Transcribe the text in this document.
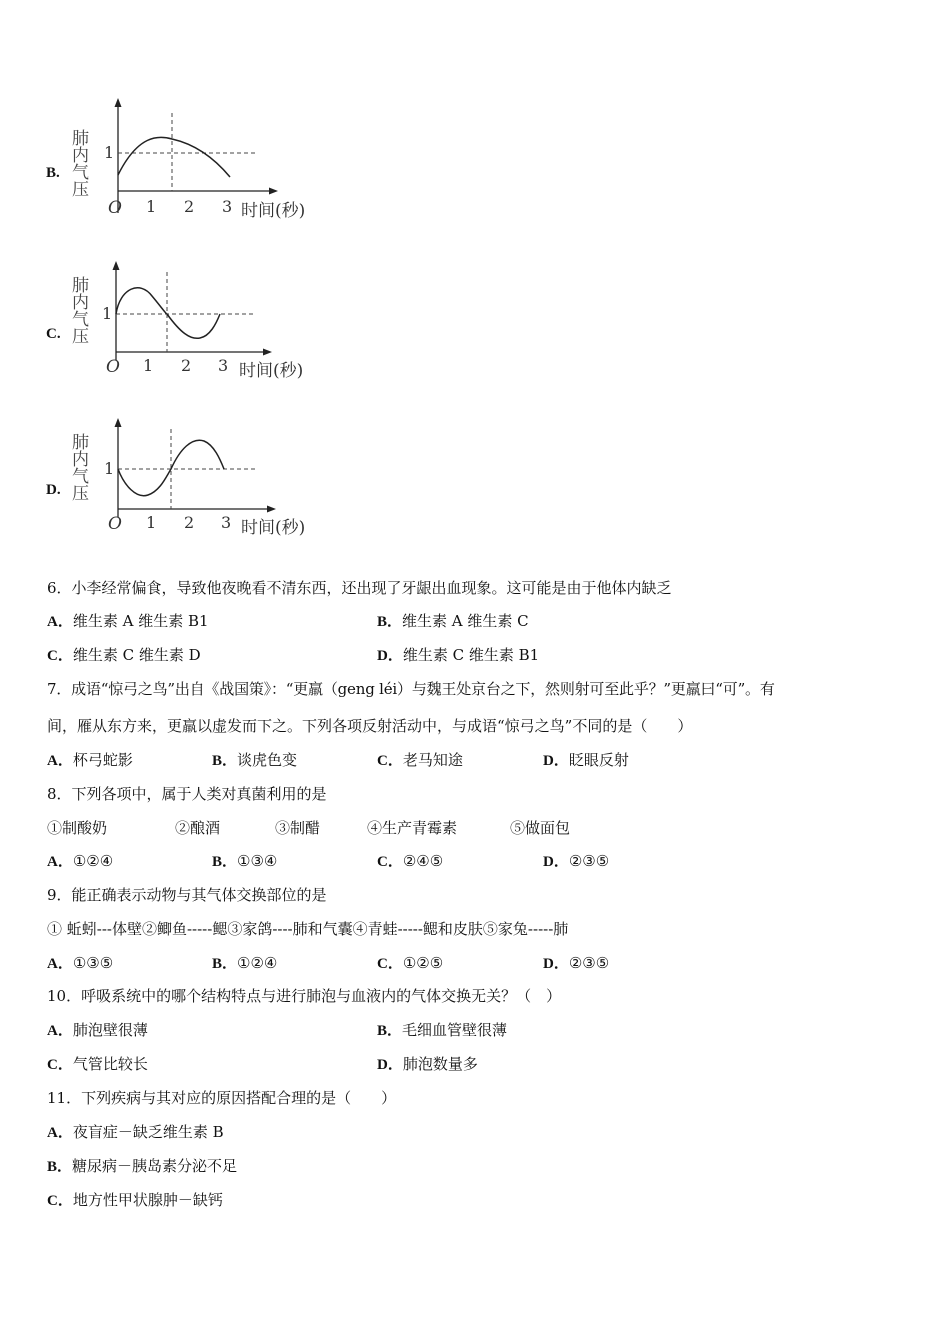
B. 肺内气压 1
O 1 2 3 时间(秒)
C. 肺内气压 1
O 1 2 3 时间(秒)
D. 肺内气压 1
O 1 2 3 时间(秒)
6．小李经常偏食，导致他夜晚看不清东西，还出现了牙龈出血现象。这可能是由于他体内缺乏
A．维生素 A 维生素 B1	B．维生素 A 维生素 C
C．维生素 C 维生素 D	D．维生素 C 维生素 B1
7．成语“惊弓之鸟”出自《战国策》：“更羸（geng léi）与魏王处京台之下，然则射可至此乎？”更羸曰“可”。有
间，雁从东方来，更羸以虚发而下之。下列各项反射活动中，与成语“惊弓之鸟”不同的是（　　）
A．杯弓蛇影	B．谈虎色变	C．老马知途	D．眨眼反射
8．下列各项中，属于人类对真菌利用的是
①制酸奶	②酿酒	③制醋	④生产青霉素	⑤做面包
A．①②④	B．①③④	C．②④⑤	D．②③⑤
9．能正确表示动物与其气体交换部位的是
① 蚯蚓---体壁②鲫鱼-----鳃③家鸽----肺和气囊④青蛙-----鳃和皮肤⑤家兔-----肺
A．①③⑤	B．①②④	C．①②⑤	D．②③⑤
10．呼吸系统中的哪个结构特点与进行肺泡与血液内的气体交换无关？（　）
A．肺泡壁很薄	B．毛细血管壁很薄
C．气管比较长	D．肺泡数量多
11．下列疾病与其对应的原因搭配合理的是（　　）
A．夜盲症－缺乏维生素 B
B．糖尿病－胰岛素分泌不足
C．地方性甲状腺肿－缺钙
